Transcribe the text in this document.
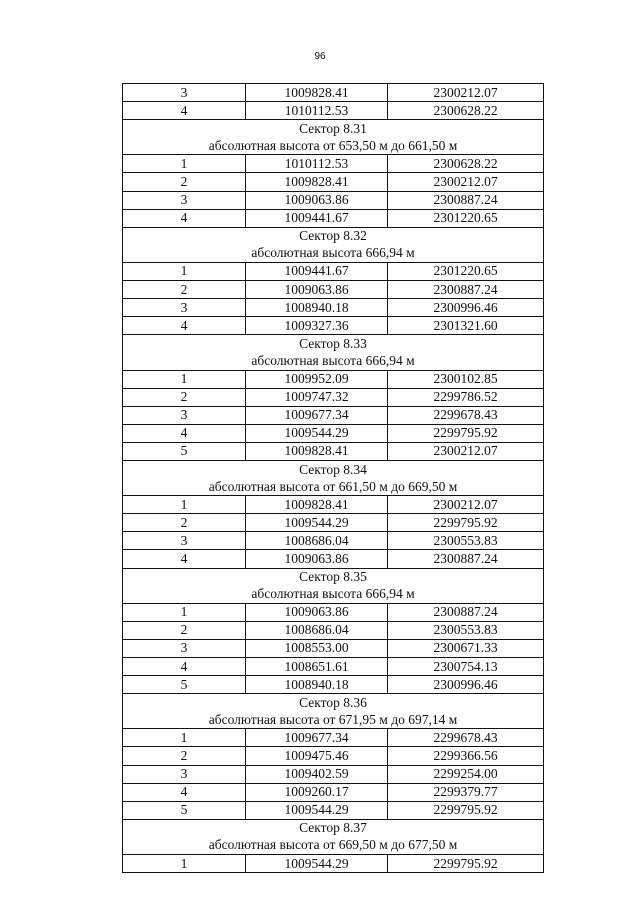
96
3	1009828.41	2300212.07
4	1010112.53	2300628.22
Сектор 8.31		
абсолютная высота от 653,50 м до 661,50 м		
1	1010112.53	2300628.22
2	1009828.41	2300212.07
3	1009063.86	2300887.24
4	1009441.67	2301220.65
Сектор 8.32		
абсолютная высота 666,94 м		
1	1009441.67	2301220.65
2	1009063.86	2300887.24
3	1008940.18	2300996.46
4	1009327.36	2301321.60
Сектор 8.33		
абсолютная высота 666,94 м		
1	1009952.09	2300102.85
2	1009747.32	2299786.52
3	1009677.34	2299678.43
4	1009544.29	2299795.92
5	1009828.41	2300212.07
Сектор 8.34		
абсолютная высота от 661,50 м до 669,50 м		
1	1009828.41	2300212.07
2	1009544.29	2299795.92
3	1008686.04	2300553.83
4	1009063.86	2300887.24
Сектор 8.35		
абсолютная высота 666,94 м		
1	1009063.86	2300887.24
2	1008686.04	2300553.83
3	1008553.00	2300671.33
4	1008651.61	2300754.13
5	1008940.18	2300996.46
Сектор 8.36		
абсолютная высота от 671,95 м до 697,14 м		
1	1009677.34	2299678.43
2	1009475.46	2299366.56
3	1009402.59	2299254.00
4	1009260.17	2299379.77
5	1009544.29	2299795.92
Сектор 8.37		
абсолютная высота от 669,50 м до 677,50 м		
1	1009544.29	2299795.92
